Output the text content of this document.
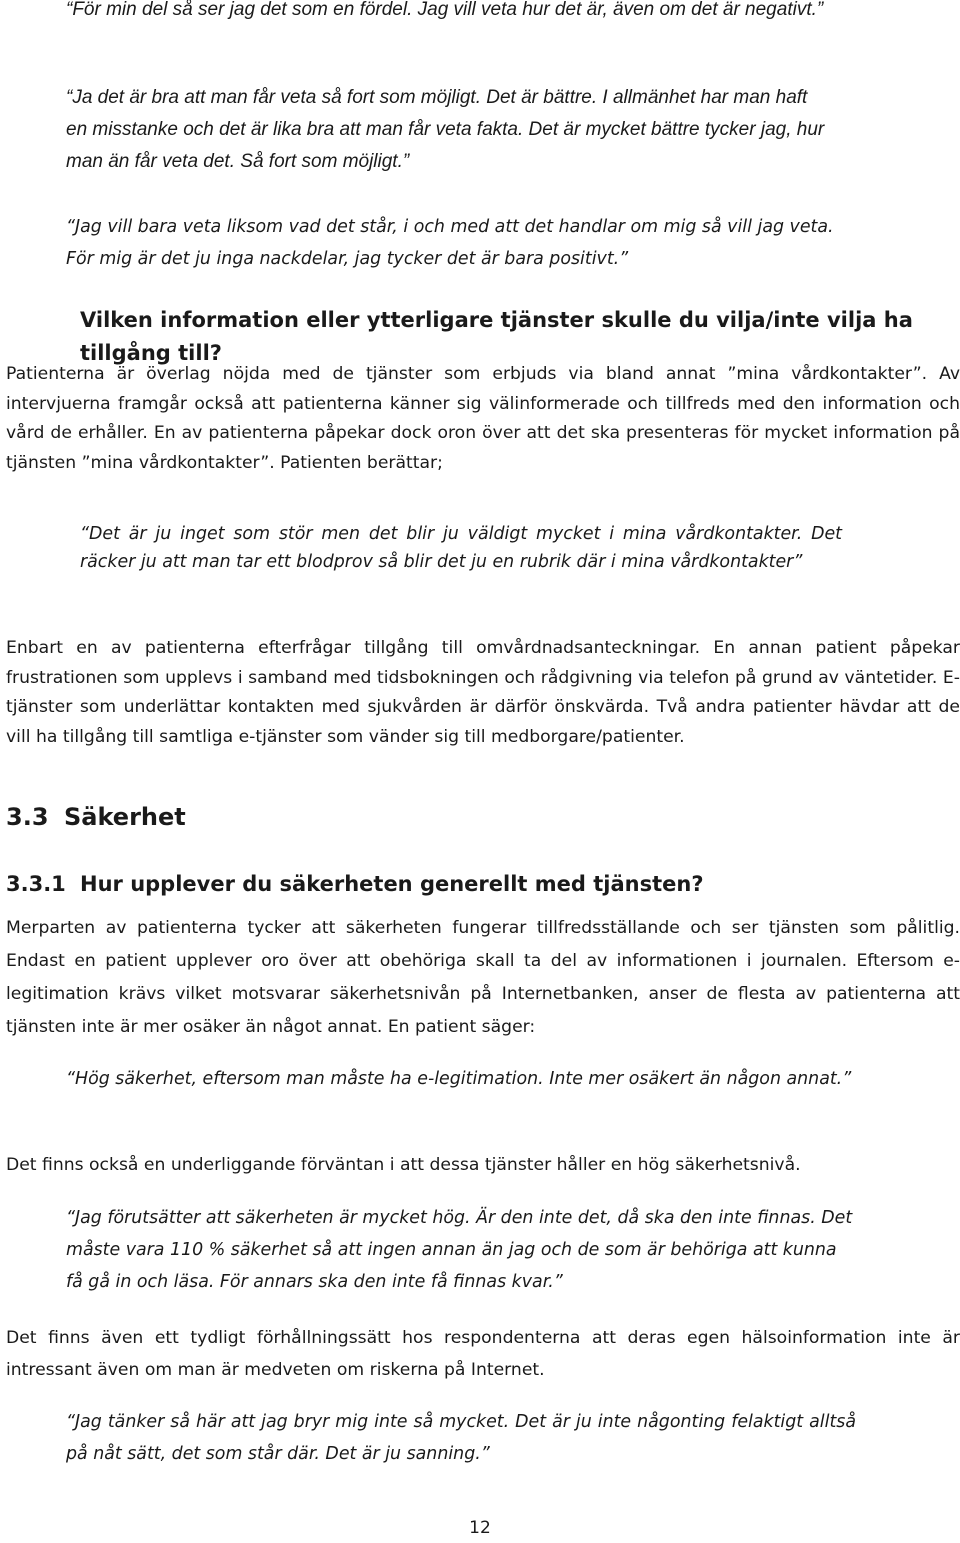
“För min del så ser jag det som en fördel. Jag vill veta hur det är, även om det är negativt.”

“Ja det är bra att man får veta så fort som möjligt. Det är bättre. I allmänhet har man haft en misstanke och det är lika bra att man får veta fakta. Det är mycket bättre tycker jag, hur man än får veta det. Så fort som möjligt.”

“Jag vill bara veta liksom vad det står, i och med att det handlar om mig så vill jag veta. För mig är det ju inga nackdelar, jag tycker det är bara positivt.”

Vilken information eller ytterligare tjänster skulle du vilja/inte vilja ha tillgång till?

Patienterna är överlag nöjda med de tjänster som erbjuds via bland annat ”mina vårdkontakter”. Av intervjuerna framgår också att patienterna känner sig välinformerade och tillfreds med den information och vård de erhåller. En av patienterna påpekar dock oron över att det ska presenteras för mycket information på tjänsten ”mina vårdkontakter”. Patienten berättar;

“Det är ju inget som stör men det blir ju väldigt mycket i mina vårdkontakter. Det räcker ju att man tar ett blodprov så blir det ju en rubrik där i mina vårdkontakter”

Enbart en av patienterna efterfrågar tillgång till omvårdnadsanteckningar. En annan patient påpekar frustrationen som upplevs i samband med tidsbokningen och rådgivning via telefon på grund av väntetider. E-tjänster som underlättar kontakten med sjukvården är därför önskvärda. Två andra patienter hävdar att de vill ha tillgång till samtliga e-tjänster som vänder sig till medborgare/patienter.

3.3 Säkerhet
3.3.1 Hur upplever du säkerheten generellt med tjänsten?

Merparten av patienterna tycker att säkerheten fungerar tillfredsställande och ser tjänsten som pålitlig. Endast en patient upplever oro över att obehöriga skall ta del av informationen i journalen. Eftersom e-legitimation krävs vilket motsvarar säkerhetsnivån på Internetbanken, anser de flesta av patienterna att tjänsten inte är mer osäker än något annat. En patient säger:

“Hög säkerhet, eftersom man måste ha e-legitimation. Inte mer osäkert än någon annat.”

Det finns också en underliggande förväntan i att dessa tjänster håller en hög säkerhetsnivå.

“Jag förutsätter att säkerheten är mycket hög. Är den inte det, då ska den inte finnas. Det måste vara 110 % säkerhet så att ingen annan än jag och de som är behöriga att kunna få gå in och läsa. För annars ska den inte få finnas kvar.”

Det finns även ett tydligt förhållningssätt hos respondenterna att deras egen hälsoinformation inte är intressant även om man är medveten om riskerna på Internet.

“Jag tänker så här att jag bryr mig inte så mycket. Det är ju inte någonting felaktigt alltså på nåt sätt, det som står där. Det är ju sanning.”

12
